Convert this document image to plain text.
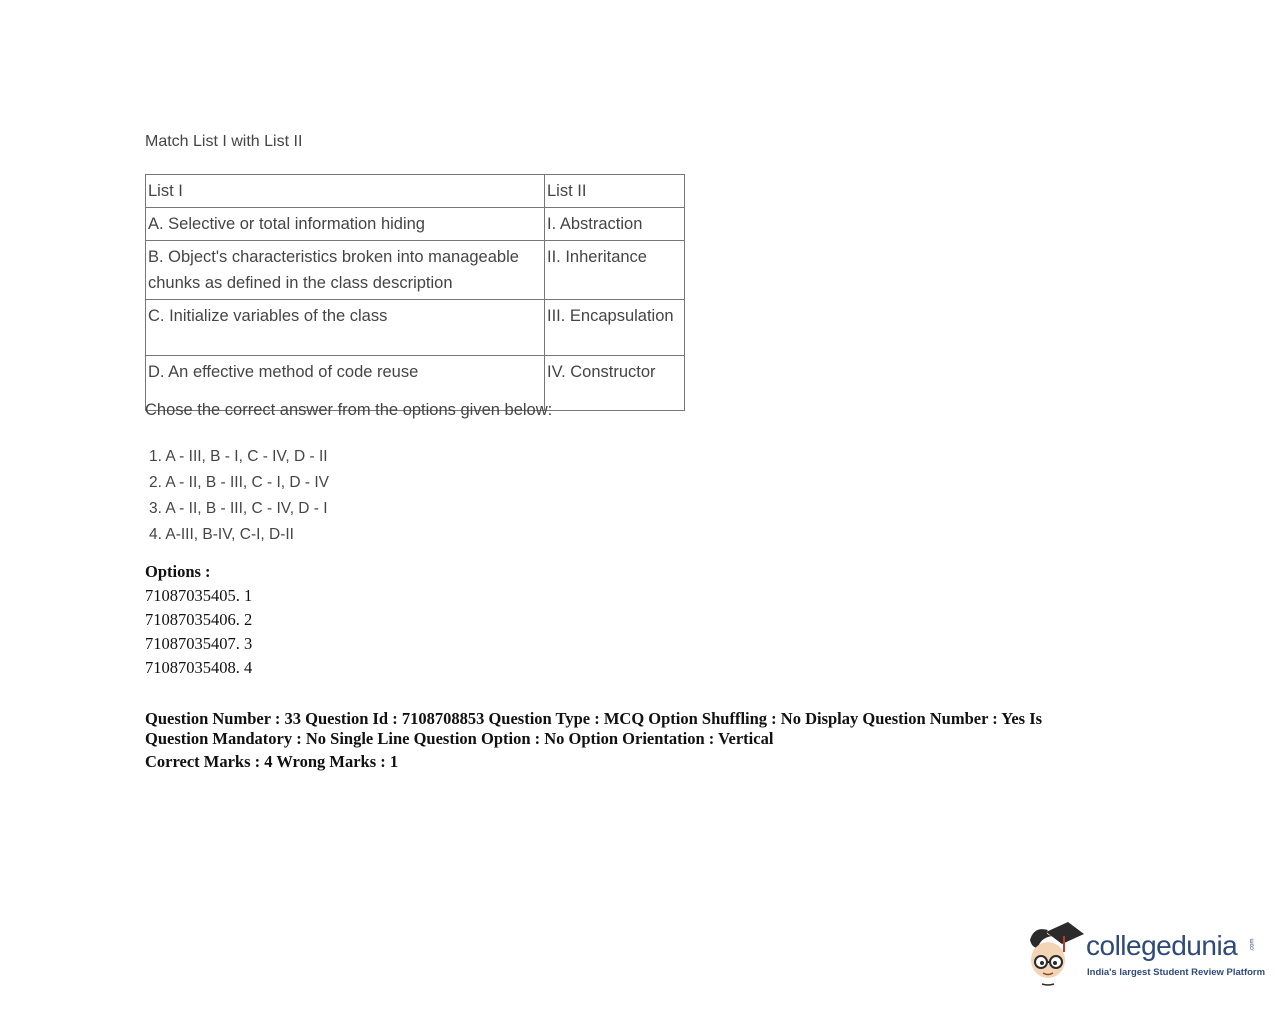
Match List I with List II
List I	List II
A. Selective or total information hiding	I. Abstraction
B. Object's characteristics broken into manageable chunks as defined in the class description	II. Inheritance
C. Initialize variables of the class	III. Encapsulation
D. An effective method of code reuse	IV. Constructor
Chose the correct answer from the options given below:
1. A - III, B - I, C - IV, D - II
2. A - II, B - III, C - I, D - IV
3. A - II, B - III, C - IV, D - I
4. A-III, B-IV, C-I, D-II
Options :
71087035405. 1
71087035406. 2
71087035407. 3
71087035408. 4
Question Number : 33 Question Id : 7108708853 Question Type : MCQ Option Shuffling : No Display Question Number : Yes Is Question Mandatory : No Single Line Question Option : No Option Orientation : Vertical
Correct Marks : 4 Wrong Marks : 1
collegedunia .com
India's largest Student Review Platform
